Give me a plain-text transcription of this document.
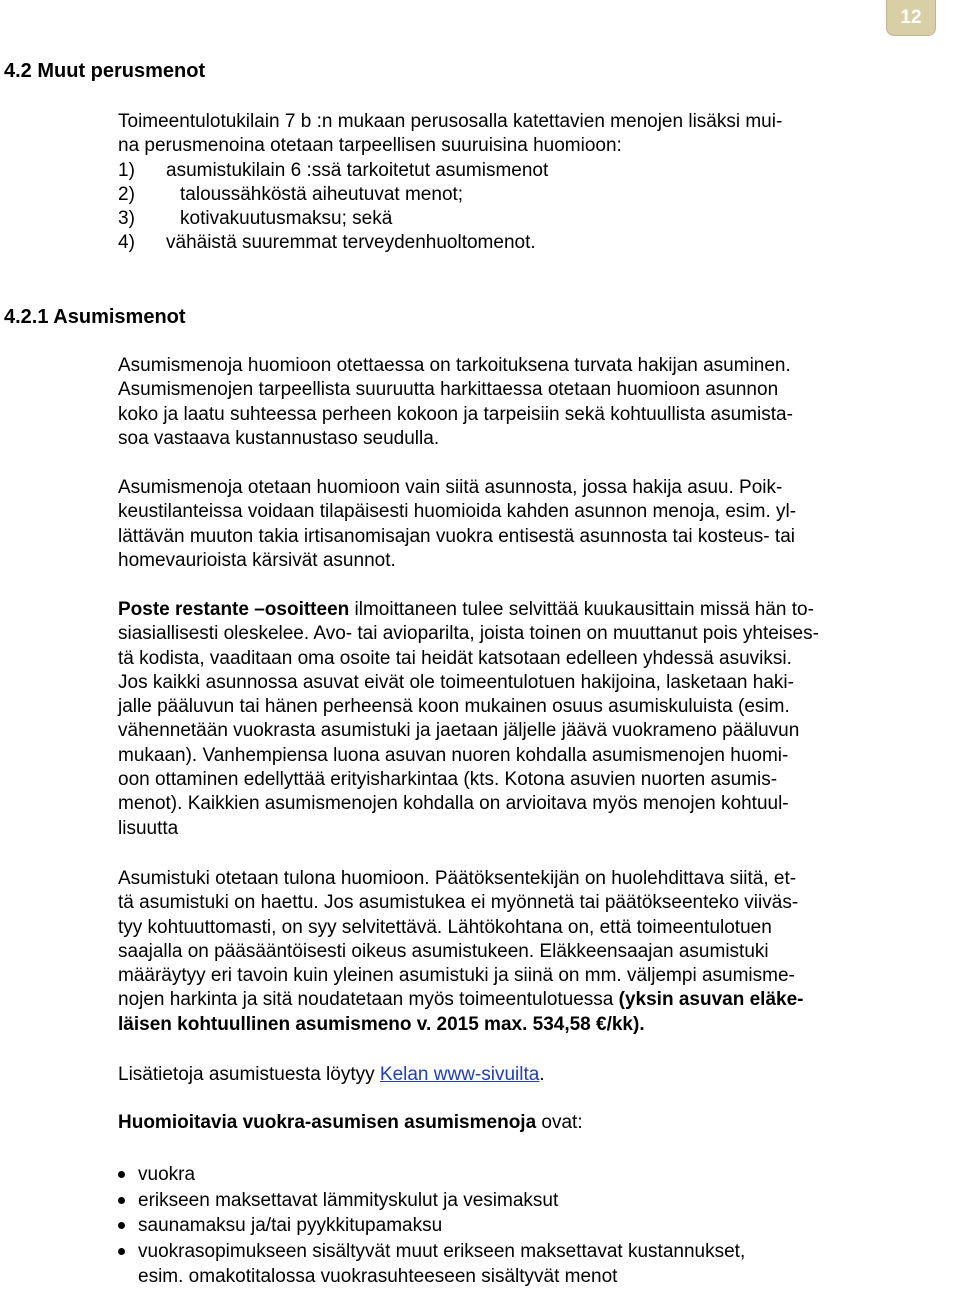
12
4.2 Muut perusmenot
Toimeentulotukilain 7 b :n mukaan perusosalla katettavien menojen lisäksi mui-
na perusmenoina otetaan tarpeellisen suuruisina huomioon:
1) asumistukilain 6 :ssä tarkoitetut asumismenot
2) taloussähköstä aiheutuvat menot;
3) kotivakuutusmaksu; sekä
4) vähäistä suuremmat terveydenhuoltomenot.
4.2.1 Asumismenot
Asumismenoja huomioon otettaessa on tarkoituksena turvata hakijan asuminen.
Asumismenojen tarpeellista suuruutta harkittaessa otetaan huomioon asunnon
koko ja laatu suhteessa perheen kokoon ja tarpeisiin sekä kohtuullista asumista-
soa vastaava kustannustaso seudulla.
Asumismenoja otetaan huomioon vain siitä asunnosta, jossa hakija asuu. Poik-
keustilanteissa voidaan tilapäisesti huomioida kahden asunnon menoja, esim. yl-
lättävän muuton takia irtisanomisajan vuokra entisestä asunnosta tai kosteus- tai
homevaurioista kärsivät asunnot.
Poste restante –osoitteen ilmoittaneen tulee selvittää kuukausittain missä hän to-
siasiallisesti oleskelee. Avo- tai avioparilta, joista toinen on muuttanut pois yhteises-
tä kodista, vaaditaan oma osoite tai heidät katsotaan edelleen yhdessä asuviksi.
Jos kaikki asunnossa asuvat eivät ole toimeentulotuen hakijoina, lasketaan haki-
jalle pääluvun tai hänen perheensä koon mukainen osuus asumiskuluista (esim.
vähennetään vuokrasta asumistuki ja jaetaan jäljelle jäävä vuokrameno pääluvun
mukaan). Vanhempiensa luona asuvan nuoren kohdalla asumismenojen huomi-
oon ottaminen edellyttää erityisharkintaa (kts. Kotona asuvien nuorten asumis-
menot). Kaikkien asumismenojen kohdalla on arvioitava myös menojen kohtuul-
lisuutta
Asumistuki otetaan tulona huomioon. Päätöksentekijän on huolehdittava siitä, et-
tä asumistuki on haettu. Jos asumistukea ei myönnetä tai päätökseenteko viiväs-
tyy kohtuuttomasti, on syy selvitettävä. Lähtökohtana on, että toimeentulotuen
saajalla on pääsääntöisesti oikeus asumistukeen. Eläkkeensaajan asumistuki
määräytyy eri tavoin kuin yleinen asumistuki ja siinä on mm. väljempi asumisme-
nojen harkinta ja sitä noudatetaan myös toimeentulotuessa (yksin asuvan eläke-
läisen kohtuullinen asumismeno v. 2015 max. 534,58 €/kk).
Lisätietoja asumistuesta löytyy Kelan www-sivuilta.
Huomioitavia vuokra-asumisen asumismenoja ovat:
vuokra
erikseen maksettavat lämmityskulut ja vesimaksut
saunamaksu ja/tai pyykkitupamaksu
vuokrasopimukseen sisältyvät muut erikseen maksettavat kustannukset,
esim. omakotitalossa vuokrasuhteeseen sisältyvät menot
